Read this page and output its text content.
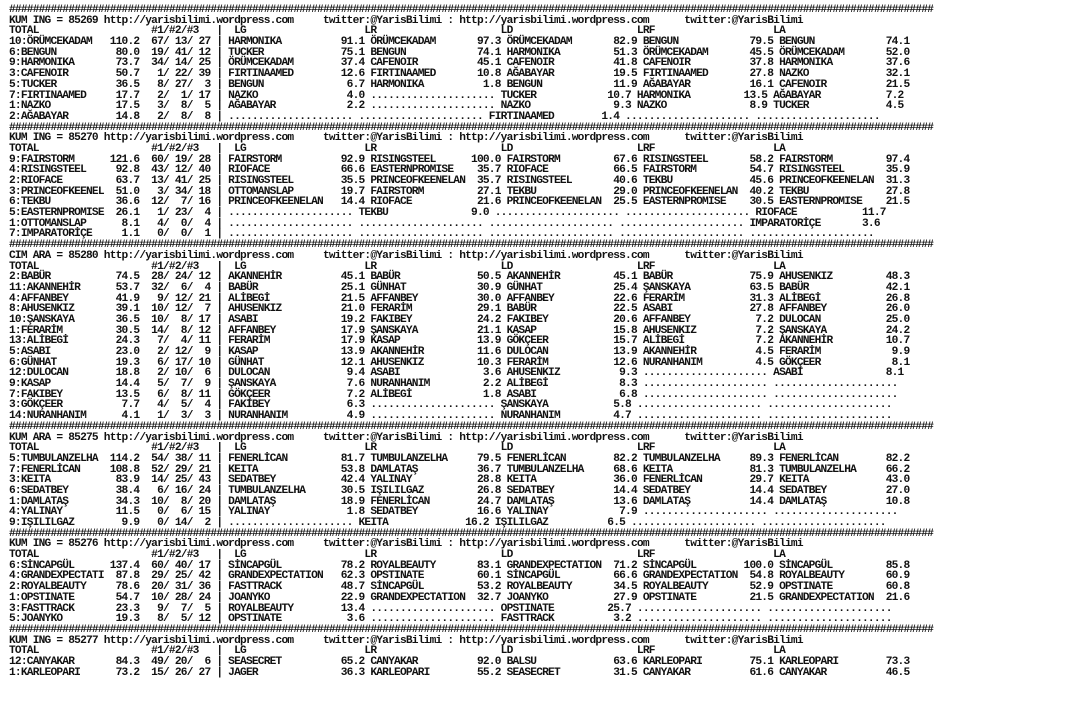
############################################################################################################################################################
KUM ING = 85269 http://yarisbilimi.wordpress.com     twitter:@YarisBilimi : http://yarisbilimi.wordpress.com      twitter:@YarisBilimi
TOTAL                   #1/#2/#3   |  LG                    LR                     LD                     LRF                    LA
10:ÖRÜMCEKADAM   110.2  67/ 13/ 27 | HARMONIKA          91.1 ÖRÜMCEKADAM       97.3 ÖRÜMCEKADAM       82.9 BENGUN            79.5 BENGUN            74.1
6:BENGUN          80.0  19/ 41/ 12 | TUCKER             75.1 BENGUN            74.1 HARMONIKA         51.3 ÖRÜMCEKADAM       45.5 ÖRÜMCEKADAM       52.0
9:HARMONIKA       73.7  34/ 14/ 25 | ÖRÜMCEKADAM        37.4 CAFENOIR          45.1 CAFENOIR          41.8 CAFENOIR          37.8 HARMONIKA         37.6
3:CAFENOIR        50.7   1/ 22/ 39 | FIRTINAAMED        12.6 FIRTINAAMED       10.8 AĞABAYAR          19.5 FIRTINAAMED       27.8 NAZKO             32.1
5:TUCKER          36.5   8/ 27/  3 | BENGUN              6.7 HARMONIKA          1.8 BENGUN            11.9 AĞABAYAR          16.1 CAFENOIR          21.5
7:FIRTINAAMED     17.7   2/  1/ 17 | NAZKO               4.0 ..................... TUCKER            10.7 HARMONIKA         13.5 AĞABAYAR           7.2
1:NAZKO           17.5   3/  8/  5 | AĞABAYAR            2.2 ..................... NAZKO              9.3 NAZKO              8.9 TUCKER             4.5
2:AĞABAYAR        14.8   2/  8/  8 | ..................... ..................... FIRTINAAMED        1.4 ..................... .....................
############################################################################################################################################################
KUM ING = 85270 http://yarisbilimi.wordpress.com     twitter:@YarisBilimi : http://yarisbilimi.wordpress.com      twitter:@YarisBilimi
TOTAL                   #1/#2/#3   |  LG                    LR                     LD                     LRF                    LA
9:FAIRSTORM      121.6  60/ 19/ 28 | FAIRSTORM          92.9 RISINGSTEEL      100.0 FAIRSTORM         67.6 RISINGSTEEL       58.2 FAIRSTORM         97.4
4:RISINGSTEEL     92.8  43/ 12/ 40 | RIOFACE            66.6 EASTERNPROMISE    35.7 RIOFACE           66.5 FAIRSTORM         54.7 RISINGSTEEL       35.9
2:RIOFACE         63.7  13/ 41/ 25 | RISINGSTEEL        35.5 PRINCEOFKEENELAN  35.7 RISINGSTEEL       40.6 TEKBU             45.6 PRINCEOFKEENELAN  31.3
3:PRINCEOFKEENEL  51.0   3/ 34/ 18 | OTTOMANSLAP        19.7 FAIRSTORM         27.1 TEKBU             29.0 PRINCEOFKEENELAN  40.2 TEKBU             27.8
6:TEKBU           36.6  12/  7/ 16 | PRINCEOFKEENELAN   14.4 RIOFACE           21.6 PRINCEOFKEENELAN  25.5 EASTERNPROMISE    30.5 EASTERNPROMISE    21.5
5:EASTERNPROMISE  26.1   1/ 23/  4 | ..................... TEKBU              9.0 ..................... ..................... RIOFACE           11.7
1:OTTOMANSLAP      8.1   4/  0/  4 | ..................... ..................... ..................... ..................... IMPARATORİÇE       3.6
7:IMPARATORİÇE     1.1   0/  0/  1 | ..................... ..................... ..................... ..................... .....................
############################################################################################################################################################
CIM ARA = 85280 http://yarisbilimi.wordpress.com     twitter:@YarisBilimi : http://yarisbilimi.wordpress.com      twitter:@YarisBilimi
TOTAL                   #1/#2/#3   |  LG                    LR                     LD                     LRF                    LA
2:BABÜR           74.5  28/ 24/ 12 | AKANNEHİR          45.1 BABÜR             50.5 AKANNEHİR         45.1 BABÜR             75.9 AHUSENKIZ         48.3
11:AKANNEHİR      53.7  32/  6/  4 | BABÜR              25.1 GÜNHAT            30.9 GÜNHAT            25.4 ŞANSKAYA          63.5 BABÜR             42.1
4:AFFANBEY        41.9   9/ 12/ 21 | ALİBEGİ            21.5 AFFANBEY          30.0 AFFANBEY          22.6 FERARİM           31.3 ALİBEGİ           26.8
8:AHUSENKIZ       39.1  10/ 12/  7 | AHUSENKIZ          21.0 FERARİM           29.1 BABÜR             22.5 ASABI             27.8 AFFANBEY          26.0
10:ŞANSKAYA       36.5  10/  8/ 17 | ASABI              19.2 FAKIBEY           24.2 FAKIBEY           20.6 AFFANBEY           7.2 DULOCAN           25.0
1:FERARİM         30.5  14/  8/ 12 | AFFANBEY           17.9 ŞANSKAYA          21.1 KASAP             15.8 AHUSENKIZ          7.2 ŞANSKAYA          24.2
13:ALİBEGİ        24.3   7/  4/ 11 | FERARİM            17.9 KASAP             13.9 GÖKÇEER           15.7 ALİBEGİ            7.2 AKANNEHİR         10.7
5:ASABI           23.0   2/ 12/  9 | KASAP              13.9 AKANNEHİR         11.6 DULOCAN           13.9 AKANNEHİR          4.5 FERARİM            9.9
6:GÜNHAT          19.3   6/ 17/ 10 | GÜNHAT             12.1 AHUSENKIZ         10.3 FERARİM           12.6 NURANHANIM         4.5 GÖKÇEER            8.1
12:DULOCAN        18.8   2/ 10/  6 | DULOCAN             9.4 ASABI              3.6 AHUSENKIZ          9.3 ..................... ASABI              8.1
9:KASAP           14.4   5/  7/  9 | ŞANSKAYA            7.6 NURANHANIM         2.2 ALİBEGİ            8.3 ..................... .....................
7:FAKIBEY         13.5   6/  8/ 11 | GÖKÇEER             7.2 ALİBEGİ            1.8 ASABI              6.8 ..................... .....................
3:GÖKÇEER          7.7   4/  5/  4 | FAKIBEY             6.3 ..................... ŞANSKAYA           5.8 ..................... .....................
14:NURANHANIM      4.1   1/  3/  3 | NURANHANIM          4.9 ..................... NURANHANIM         4.7 ..................... .....................
############################################################################################################################################################
KUM ARA = 85275 http://yarisbilimi.wordpress.com     twitter:@YarisBilimi : http://yarisbilimi.wordpress.com      twitter:@YarisBilimi
TOTAL                   #1/#2/#3   |  LG                    LR                     LD                     LRF                    LA
5:TUMBULANZELHA  114.2  54/ 38/ 11 | FENERLİCAN         81.7 TUMBULANZELHA     79.5 FENERLİCAN        82.2 TUMBULANZELHA     89.3 FENERLİCAN        82.2
7:FENERLİCAN     108.8  52/ 29/ 21 | KEITA              53.8 DAMLATAŞ          36.7 TUMBULANZELHA     68.6 KEITA             81.3 TUMBULANZELHA     66.2
3:KEITA           83.9  14/ 25/ 43 | SEDATBEY           42.4 YALINAY           28.8 KEITA             36.0 FENERLİCAN        29.7 KEITA             43.0
6:SEDATBEY        38.4   6/ 16/ 24 | TUMBULANZELHA      30.5 IŞILILGAZ         26.8 SEDATBEY          14.4 SEDATBEY          14.4 SEDATBEY          27.0
1:DAMLATAŞ        34.3  10/  8/ 20 | DAMLATAŞ           18.9 FENERLİCAN        24.7 DAMLATAŞ          13.6 DAMLATAŞ          14.4 DAMLATAŞ          10.8
4:YALINAY         11.5   0/  6/ 15 | YALINAY             1.8 SEDATBEY          16.6 YALINAY            7.9 ..................... .....................
9:IŞILILGAZ        9.9   0/ 14/  2 | ..................... KEITA             16.2 IŞILILGAZ          6.5 ..................... .....................
############################################################################################################################################################
KUM ING = 85276 http://yarisbilimi.wordpress.com     twitter:@YarisBilimi : http://yarisbilimi.wordpress.com      twitter:@YarisBilimi
TOTAL                   #1/#2/#3   |  LG                    LR                     LD                     LRF                    LA
6:SİNCAPGÜL      137.4  60/ 40/ 17 | SİNCAPGÜL          78.2 ROYALBEAUTY       83.1 GRANDEXPECTATION  71.2 SİNCAPGÜL        100.0 SİNCAPGÜL         85.8
4:GRANDEXPECTATI  87.8  29/ 25/ 42 | GRANDEXPECTATION   62.3 OPSTINATE         60.1 SİNCAPGÜL         66.6 GRANDEXPECTATION  54.8 ROYALBEAUTY       60.9
2:ROYALBEAUTY     78.6  20/ 31/ 36 | FASTTRACK          48.7 SİNCAPGÜL         53.2 ROYALBEAUTY       34.5 ROYALBEAUTY       52.9 OPSTINATE         60.8
1:OPSTINATE       54.7  10/ 28/ 24 | JOANYKO            22.9 GRANDEXPECTATION  32.7 JOANYKO           27.9 OPSTINATE         21.5 GRANDEXPECTATION  21.6
3:FASTTRACK       23.3   9/  7/  5 | ROYALBEAUTY        13.4 ..................... OPSTINATE         25.7 ..................... .....................
5:JOANYKO         19.3   8/  5/ 12 | OPSTINATE           3.6 ..................... FASTTRACK          3.2 ..................... .....................
############################################################################################################################################################
KUM ING = 85277 http://yarisbilimi.wordpress.com     twitter:@YarisBilimi : http://yarisbilimi.wordpress.com      twitter:@YarisBilimi
TOTAL                   #1/#2/#3   |  LG                    LR                     LD                     LRF                    LA
12:CANYAKAR       84.3  49/ 20/  6 | SEASECRET          65.2 CANYAKAR          92.0 BALSU             63.6 KARLEOPARI        75.1 KARLEOPARI        73.3
1:KARLEOPARI      73.2  15/ 26/ 27 | JAGER              36.3 KARLEOPARI        55.2 SEASECRET         31.5 CANYAKAR          61.6 CANYAKAR          46.5
